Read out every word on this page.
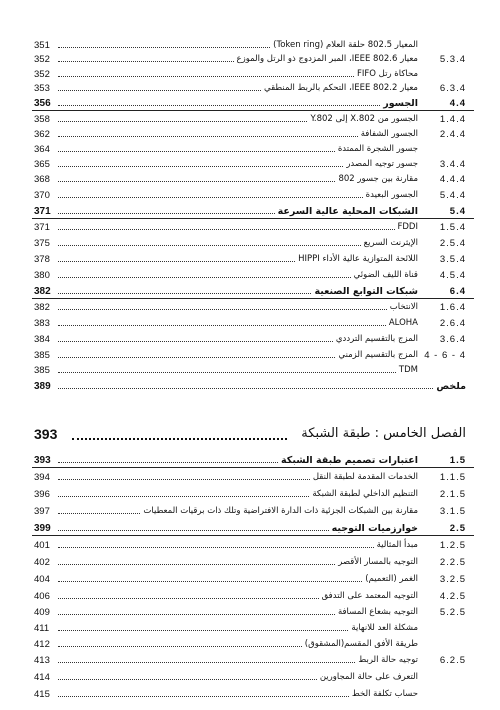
393	الفصل الخامس : طبقة الشبكة
351	المعيار 802.5 حلقة العلام (Token ring)
352	معيار IEEE 802.6، المبر المزدوج ذو الرتل والموزع 5.3.4
352	محاكاة رتل FIFO
353	معيار IEEE 802.2، التحكم بالربط المنطقي 6.3.4
356	الجسور	4.4
358	الجسور من X.802 إلى Y.802 1.4.4
362	الجسور الشفافة 2.4.4
364	جسور الشجرة الممتدة
365	جسور توجيه المصدر 3.4.4
368	مقارنة بين جسور 802 4.4.4
370	الجسور البعيدة 5.4.4
371	الشبكات المحلية عالية السرعة	5.4
371	FDDI 1.5.4
375	الإيثرنت السريع 2.5.4
378	اللائحة المتوازية عالية الأداء HIPPI 3.5.4
380	قناة الليف الضوئي 4.5.4
382	شبكات التوابع الصنعية	6.4
382	الانتخاب 1.6.4
383	ALOHA 2.6.4
384	المزج بالتقسيم الترددي 3.6.4
385	المزج بالتقسيم الزمني 4 - 6 - 4
385	TDM
389	ملخص
393	اعتبارات تصميم طبقة الشبكة	1.5
394	الخدمات المقدمة لطبقة النقل 1.1.5
396	التنظيم الداخلي لطبقة الشبكة 2.1.5
397	مقارنة بين الشبكات الجزئية ذات الدارة الافتراضية وتلك ذات برقيات المعطيات 3.1.5
399	خوارزميات التوجيه	2.5
401	مبدأ المثالية 1.2.5
402	التوجيه بالمسار الأقصر 2.2.5
404	الغمر (التعميم) 3.2.5
406	التوجيه المعتمد على التدفق 4.2.5
409	التوجيه بشعاع المسافة 5.2.5
411	مشكلة العد للانهاية
412	طريقة الأفق المقسم(المشقوق)
413	توجيه حالة الربط 6.2.5
414	التعرف على حالة المجاورين
415	حساب تكلفة الخط
